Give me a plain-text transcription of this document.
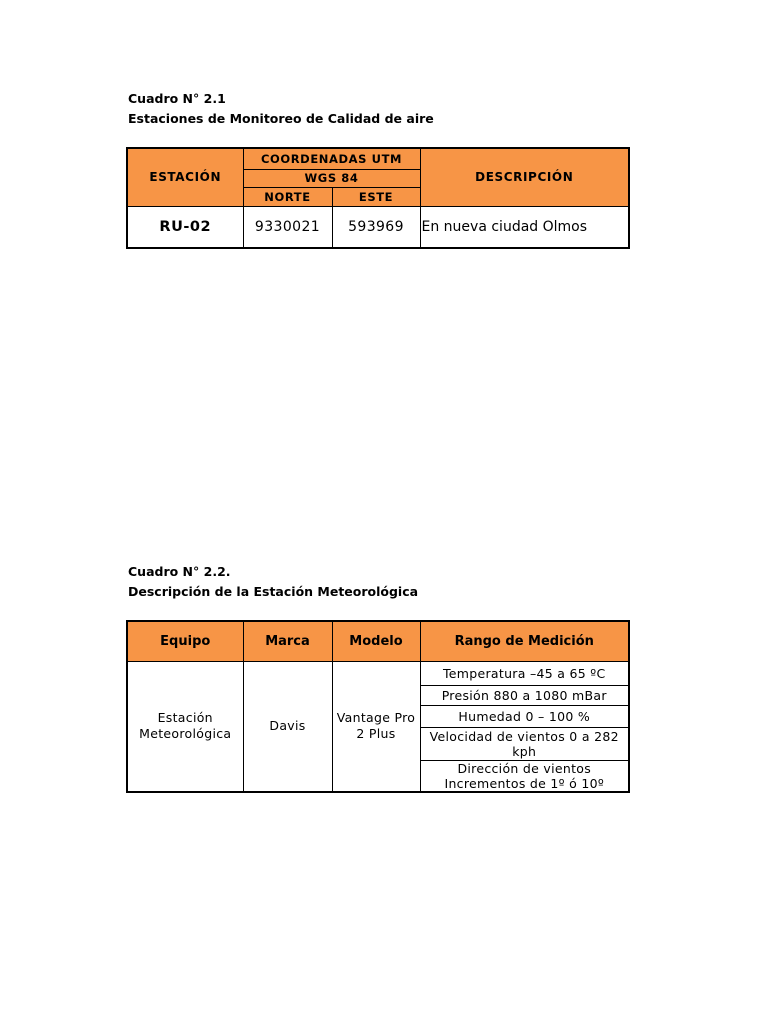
Cuadro N° 2.1
Estaciones de Monitoreo de Calidad de aire
ESTACIÓN	COORDENADAS UTM		DESCRIPCIÓN
	WGS 84		
	NORTE	ESTE	
RU-02	9330021	593969	En nueva ciudad Olmos
Cuadro N° 2.2.
Descripción de la Estación Meteorológica
Equipo	Marca	Modelo	Rango de Medición
Estación Meteorológica	Davis	Vantage Pro 2 Plus	Temperatura –45 a 65 ºC
			Presión 880 a 1080 mBar
			Humedad 0 – 100 %
			Velocidad de vientos 0 a 282 kph
			Dirección de vientos Incrementos de 1º ó 10º
